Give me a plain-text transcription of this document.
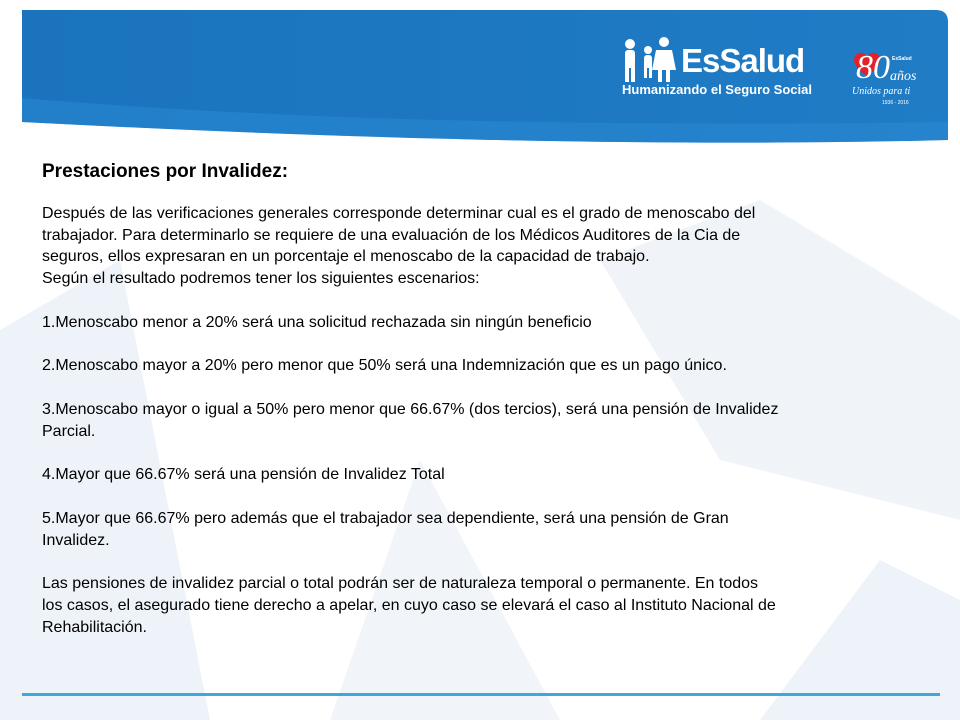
EsSalud
Humanizando el Seguro Social
80 EsSalud
años
Unidos para ti
1936 - 2016
Prestaciones por Invalidez:
Después de las verificaciones generales corresponde determinar cual es el grado de menoscabo del
trabajador. Para determinarlo se requiere de una evaluación de los Médicos Auditores de la Cia de
seguros, ellos expresaran en un porcentaje el menoscabo de la capacidad de trabajo.
Según el resultado podremos tener los siguientes escenarios:
1.Menoscabo menor a 20% será una solicitud rechazada sin ningún beneficio
2.Menoscabo mayor a 20% pero menor que 50% será una Indemnización que es un pago único.
3.Menoscabo mayor o igual a 50% pero menor que 66.67% (dos tercios), será una pensión de Invalidez
Parcial.
4.Mayor que 66.67% será una pensión de Invalidez Total
5.Mayor que 66.67% pero además que el trabajador sea dependiente, será una pensión de Gran
Invalidez.
Las pensiones de invalidez parcial o total podrán ser de naturaleza temporal o permanente. En todos
los casos, el asegurado tiene derecho a apelar, en cuyo caso se elevará el caso al Instituto Nacional de
Rehabilitación.
